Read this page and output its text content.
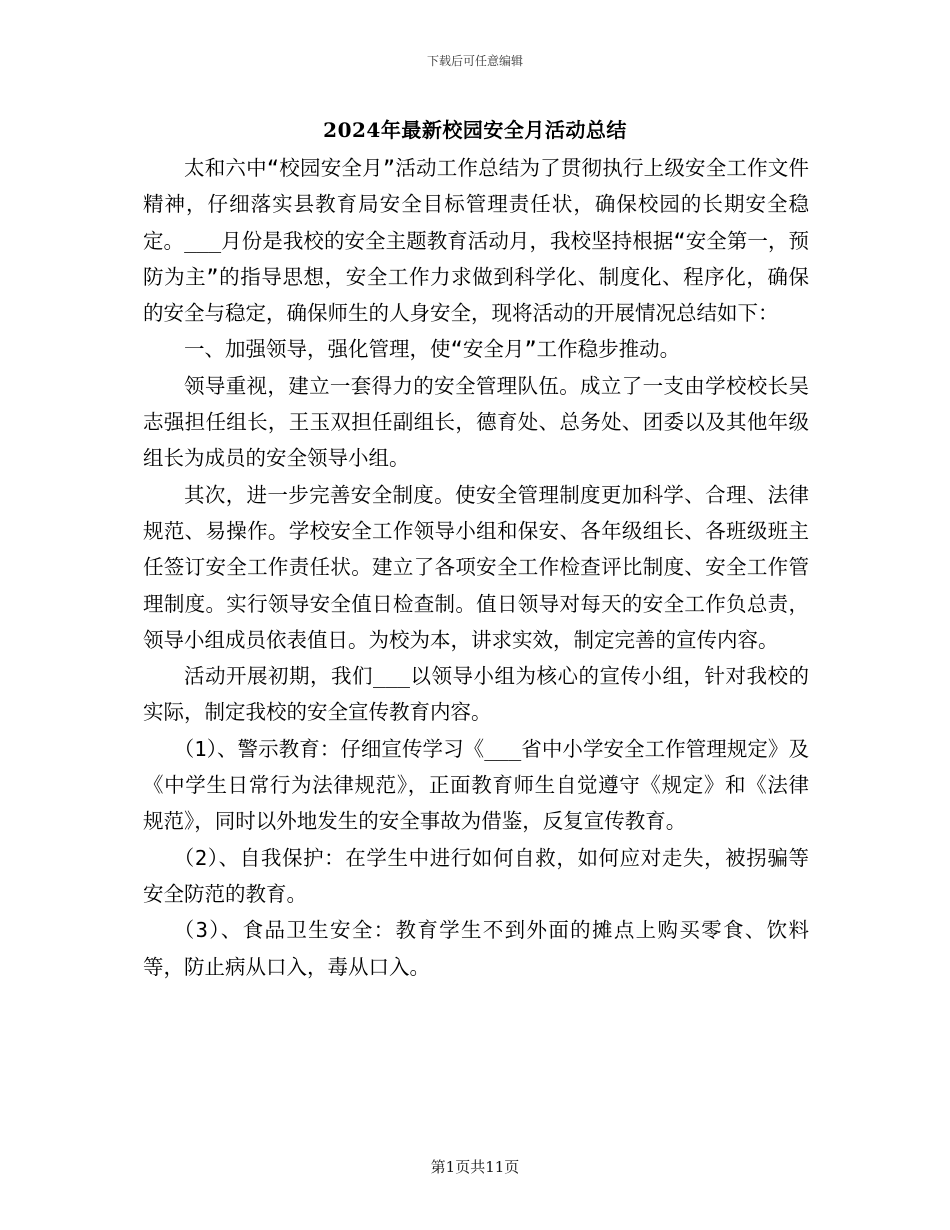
下载后可任意编辑
2024年最新校园安全月活动总结

太和六中“校园安全月”活动工作总结为了贯彻执行上级安全工作文件精神，仔细落实县教育局安全目标管理责任状，确保校园的长期安全稳定。___月份是我校的安全主题教育活动月，我校坚持根据“安全第一，预防为主”的指导思想，安全工作力求做到科学化、制度化、程序化，确保的安全与稳定，确保师生的人身安全，现将活动的开展情况总结如下：

一、加强领导，强化管理，使“安全月”工作稳步推动。

领导重视，建立一套得力的安全管理队伍。成立了一支由学校校长吴志强担任组长，王玉双担任副组长，德育处、总务处、团委以及其他年级组长为成员的安全领导小组。

其次，进一步完善安全制度。使安全管理制度更加科学、合理、法律规范、易操作。学校安全工作领导小组和保安、各年级组长、各班级班主任签订安全工作责任状。建立了各项安全工作检查评比制度、安全工作管理制度。实行领导安全值日检查制。值日领导对每天的安全工作负总责，领导小组成员依表值日。为校为本，讲求实效，制定完善的宣传内容。

活动开展初期，我们___以领导小组为核心的宣传小组，针对我校的实际，制定我校的安全宣传教育内容。

（1）、警示教育：仔细宣传学习《___省中小学安全工作管理规定》及《中学生日常行为法律规范》，正面教育师生自觉遵守《规定》和《法律规范》，同时以外地发生的安全事故为借鉴，反复宣传教育。

（2）、自我保护：在学生中进行如何自救，如何应对走失，被拐骗等安全防范的教育。

（3）、食品卫生安全：教育学生不到外面的摊点上购买零食、饮料等，防止病从口入，毒从口入。

第1页共11页
